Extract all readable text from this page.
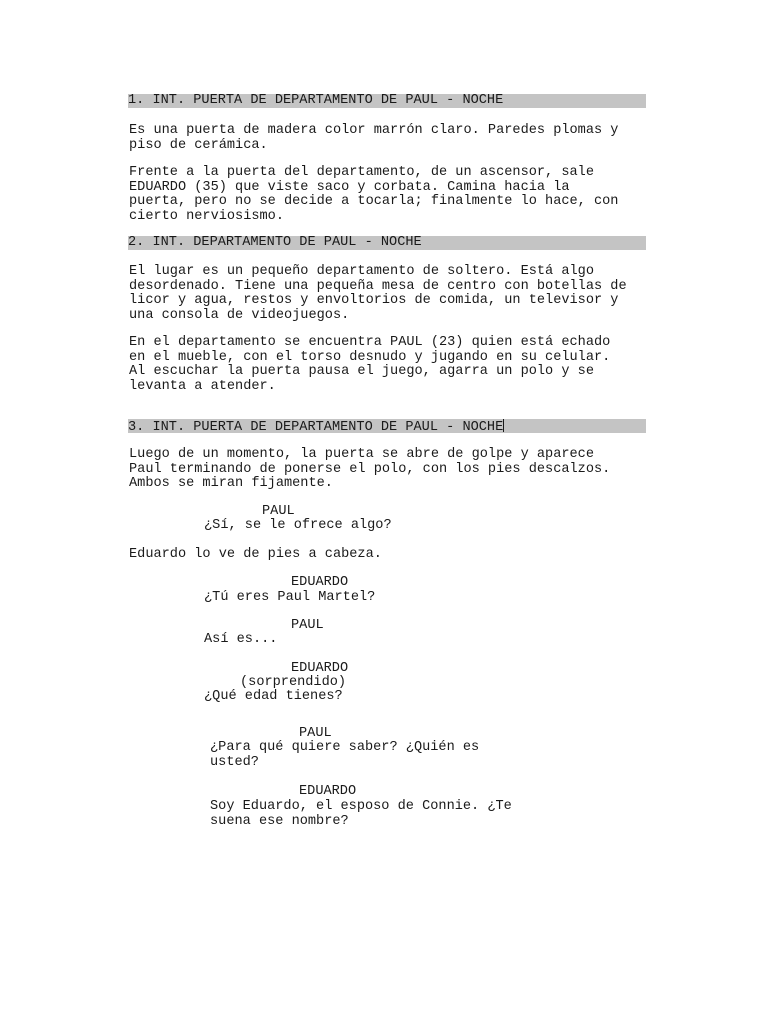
1. INT. PUERTA DE DEPARTAMENTO DE PAUL - NOCHE
Es una puerta de madera color marrón claro. Paredes plomas y
piso de cerámica.
Frente a la puerta del departamento, de un ascensor, sale
EDUARDO (35) que viste saco y corbata. Camina hacia la
puerta, pero no se decide a tocarla; finalmente lo hace, con
cierto nerviosismo.
2. INT. DEPARTAMENTO DE PAUL - NOCHE
El lugar es un pequeño departamento de soltero. Está algo
desordenado. Tiene una pequeña mesa de centro con botellas de
licor y agua, restos y envoltorios de comida, un televisor y
una consola de videojuegos.
En el departamento se encuentra PAUL (23) quien está echado
en el mueble, con el torso desnudo y jugando en su celular.
Al escuchar la puerta pausa el juego, agarra un polo y se
levanta a atender.
3. INT. PUERTA DE DEPARTAMENTO DE PAUL - NOCHE
Luego de un momento, la puerta se abre de golpe y aparece
Paul terminando de ponerse el polo, con los pies descalzos.
Ambos se miran fijamente.
PAUL
¿Sí, se le ofrece algo?
Eduardo lo ve de pies a cabeza.
EDUARDO
¿Tú eres Paul Martel?
PAUL
Así es...
EDUARDO
(sorprendido)
¿Qué edad tienes?
PAUL
¿Para qué quiere saber? ¿Quién es
usted?
EDUARDO
Soy Eduardo, el esposo de Connie. ¿Te
suena ese nombre?
